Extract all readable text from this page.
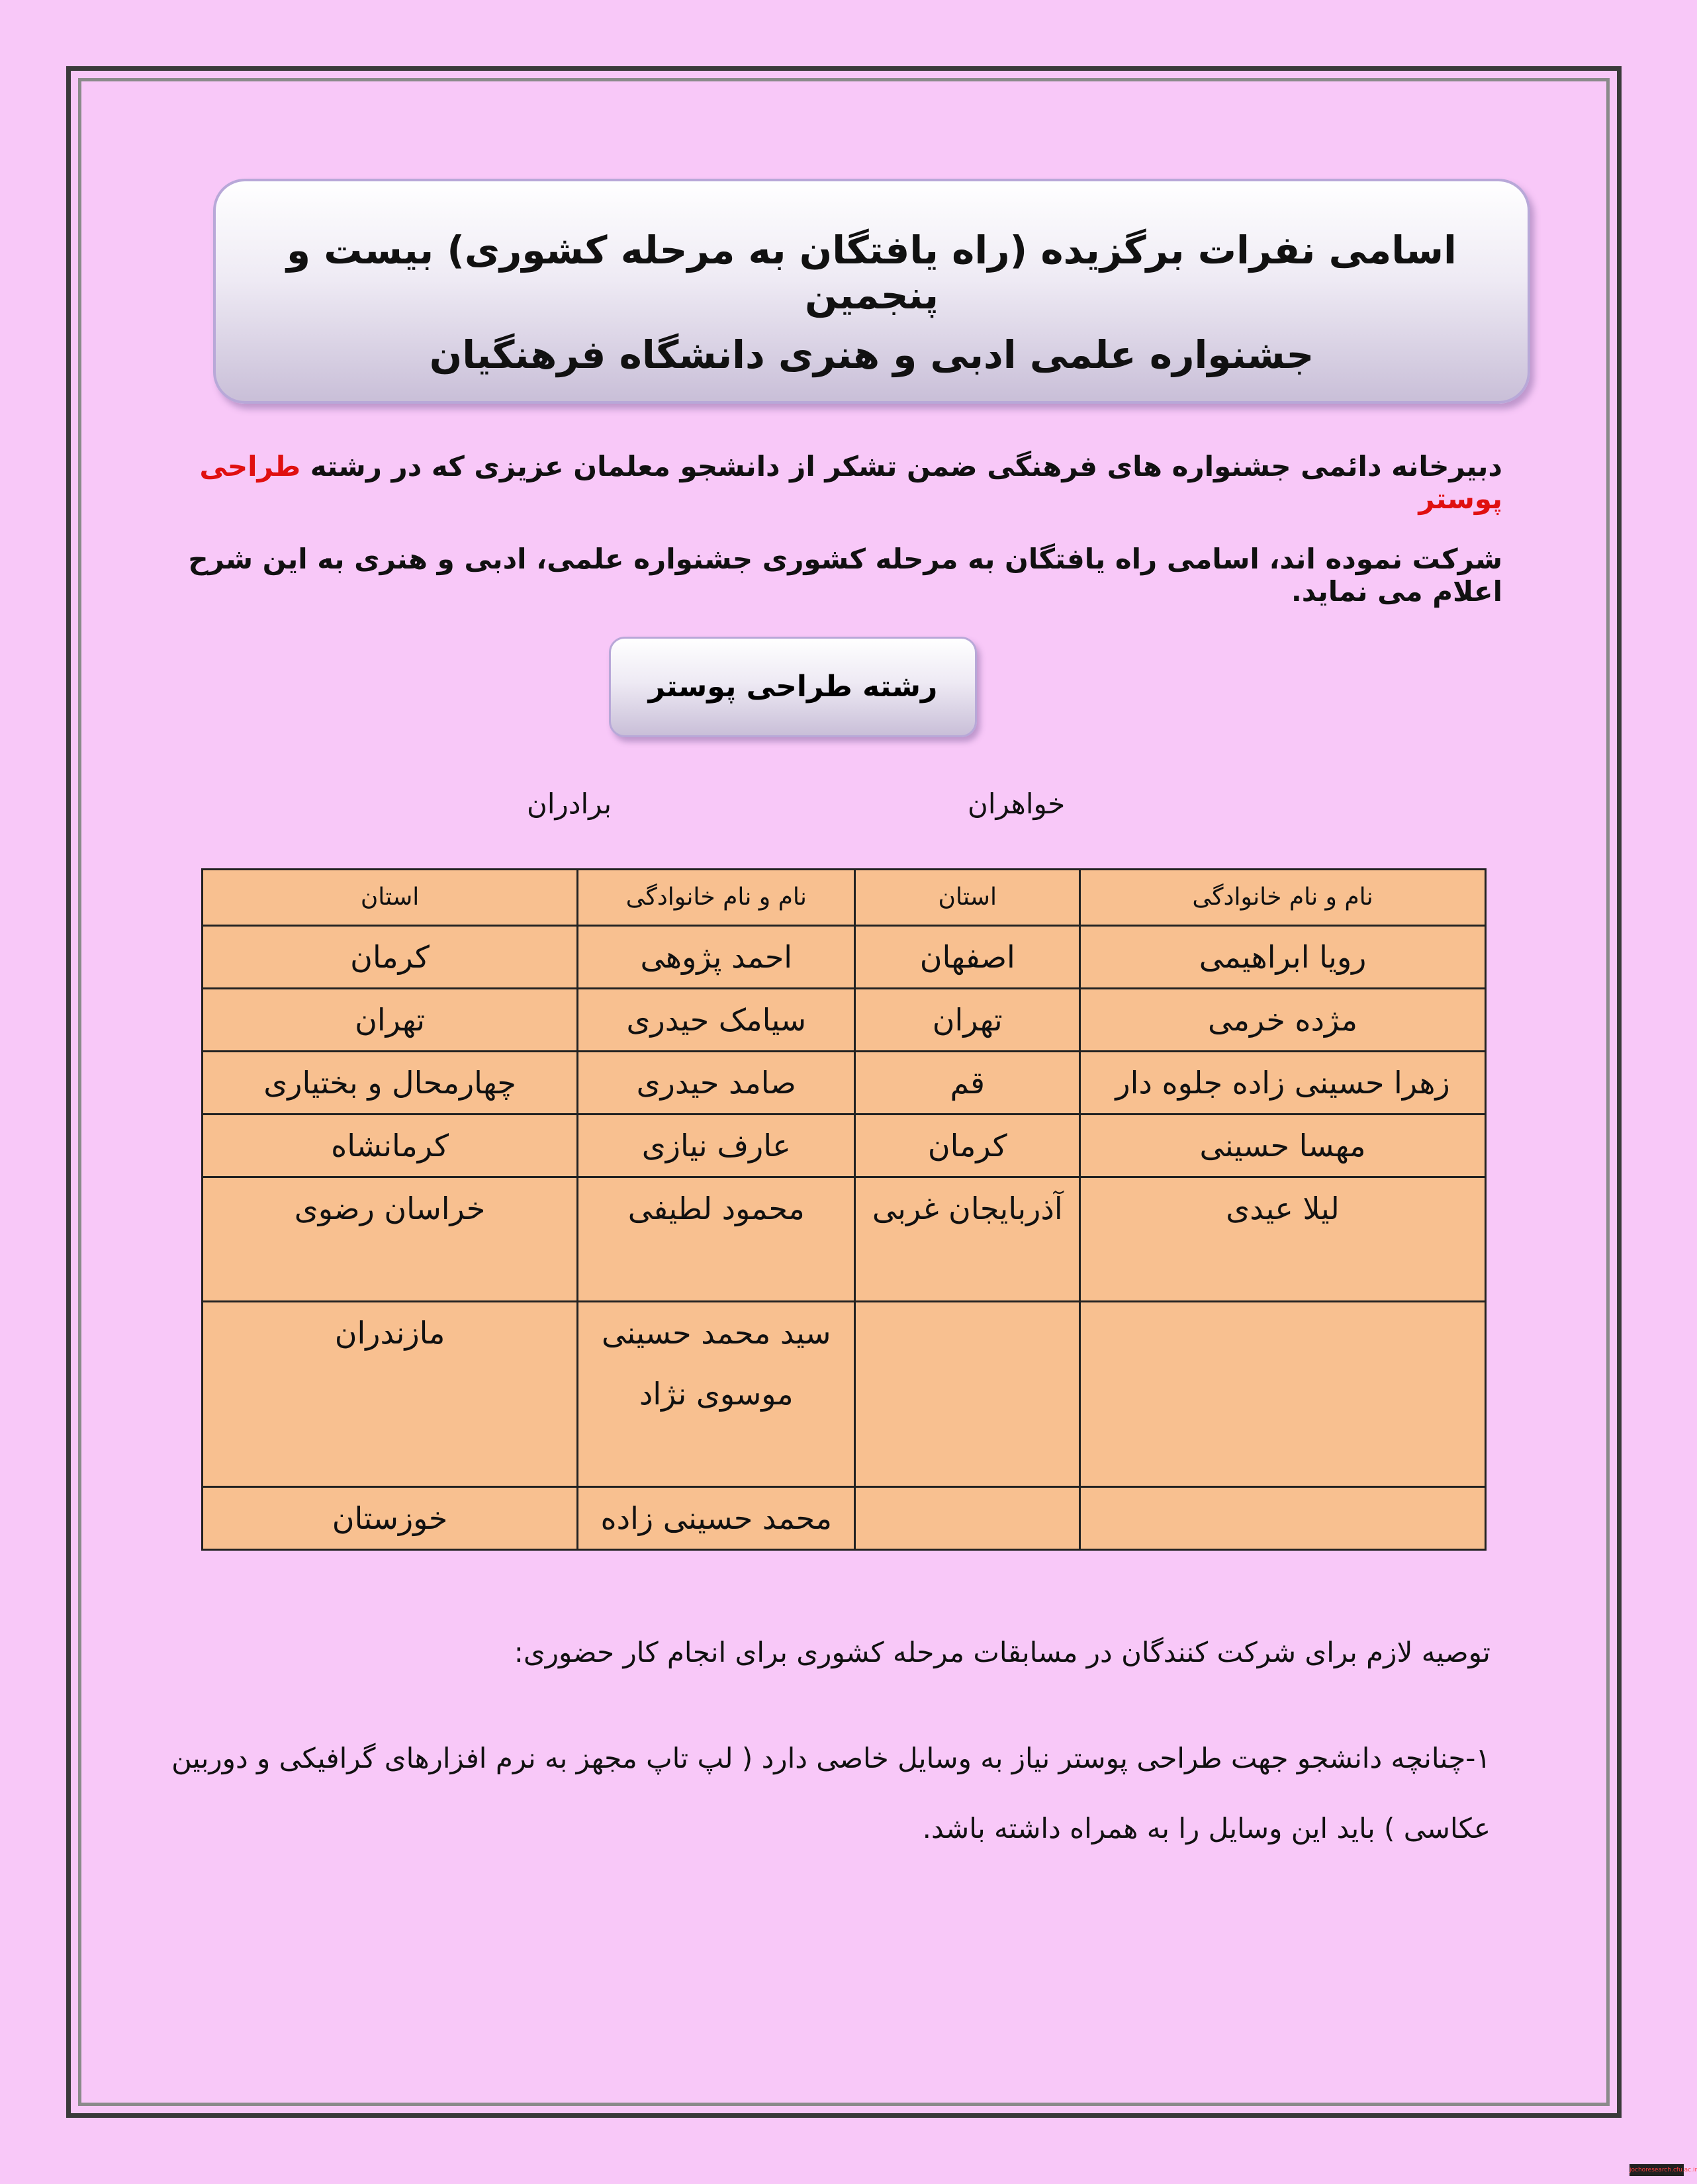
اسامی نفرات برگزیده (راه یافتگان به مرحله کشوری) بیست و پنجمین
جشنواره علمی ادبی و هنری دانشگاه فرهنگیان
دبیرخانه دائمی جشنواره های فرهنگی ضمن تشکر از دانشجو معلمان عزیزی که در رشته طراحی پوستر
شرکت نموده اند، اسامی راه یافتگان به مرحله کشوری جشنواره علمی، ادبی و هنری به این شرح اعلام می نماید.
رشته طراحی پوستر
خواهران
برادران
استان	نام و نام خانوادگی	استان	نام و نام خانوادگی
کرمان	احمد پژوهی	اصفهان	رویا ابراهیمی
تهران	سیامک حیدری	تهران	مژده خرمی
چهارمحال و بختیاری	صامد حیدری	قم	زهرا حسینی زاده جلوه دار
کرمانشاه	عارف نیازی	کرمان	مهسا حسینی
خراسان رضوی	محمود لطیفی	آذربایجان غربی	لیلا عیدی
مازندران	سید محمد حسینی موسوی نژاد		
خوزستان	محمد حسینی زاده		
توصیه لازم برای شرکت کنندگان در مسابقات مرحله کشوری برای انجام کار حضوری:
۱-چنانچه دانشجو جهت طراحی پوستر نیاز به وسایل خاصی دارد ( لپ تاپ مجهز به نرم افزارهای گرافیکی و دوربین عکاسی ) باید این وسایل را به همراه داشته باشد.
jochoresearch.cfu.ac.ir
